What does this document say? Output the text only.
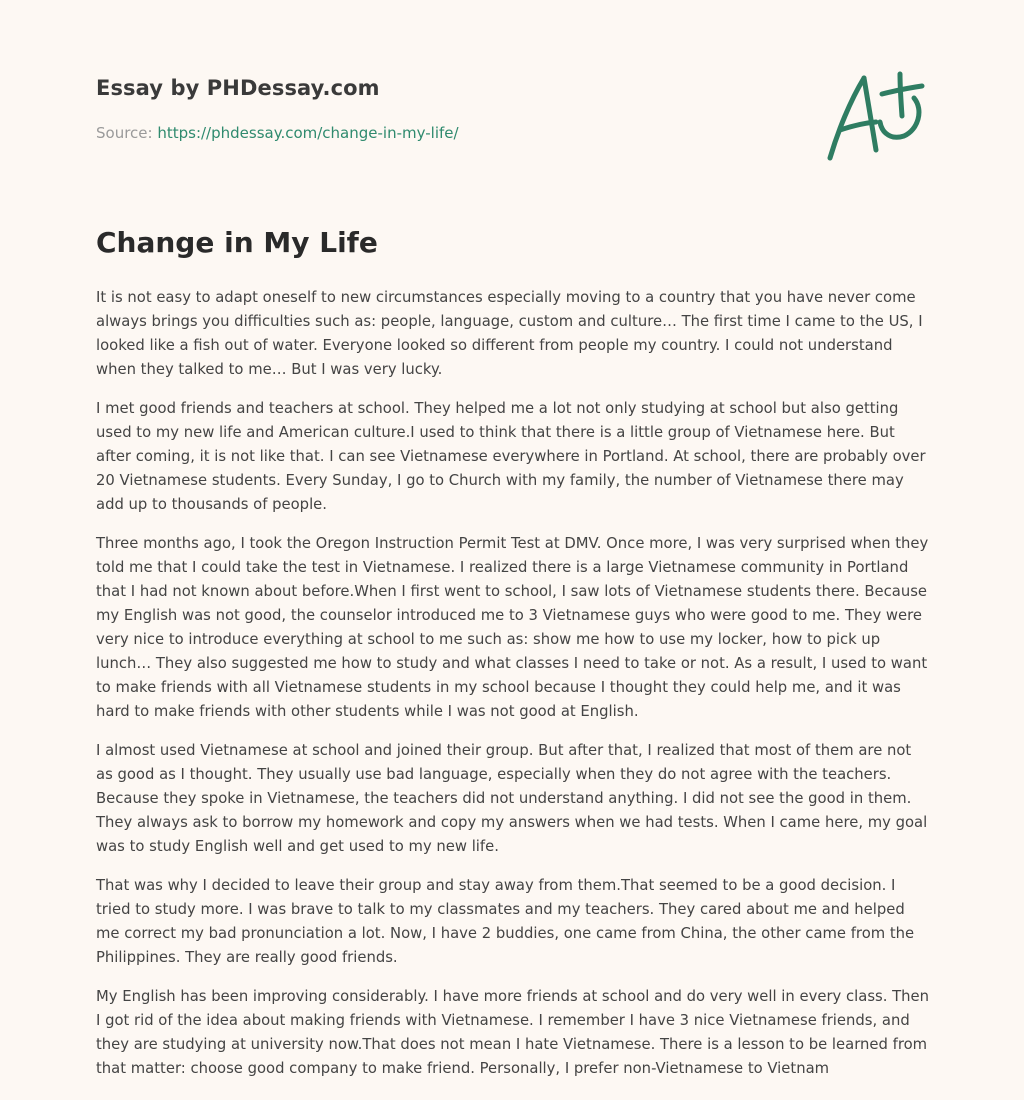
Essay by PHDessay.com

Source: https://phdessay.com/change-in-my-life/

Change in My Life

It is not easy to adapt oneself to new circumstances especially moving to a country that you have never come always brings you difficulties such as: people, language, custom and culture… The first time I came to the US, I looked like a fish out of water. Everyone looked so different from people my country. I could not understand when they talked to me… But I was very lucky.

I met good friends and teachers at school. They helped me a lot not only studying at school but also getting used to my new life and American culture.I used to think that there is a little group of Vietnamese here. But after coming, it is not like that. I can see Vietnamese everywhere in Portland. At school, there are probably over 20 Vietnamese students. Every Sunday, I go to Church with my family, the number of Vietnamese there may add up to thousands of people.

Three months ago, I took the Oregon Instruction Permit Test at DMV. Once more, I was very surprised when they told me that I could take the test in Vietnamese. I realized there is a large Vietnamese community in Portland that I had not known about before.When I first went to school, I saw lots of Vietnamese students there. Because my English was not good, the counselor introduced me to 3 Vietnamese guys who were good to me. They were very nice to introduce everything at school to me such as: show me how to use my locker, how to pick up lunch… They also suggested me how to study and what classes I need to take or not. As a result, I used to want to make friends with all Vietnamese students in my school because I thought they could help me, and it was hard to make friends with other students while I was not good at English.

I almost used Vietnamese at school and joined their group. But after that, I realized that most of them are not as good as I thought. They usually use bad language, especially when they do not agree with the teachers. Because they spoke in Vietnamese, the teachers did not understand anything. I did not see the good in them. They always ask to borrow my homework and copy my answers when we had tests. When I came here, my goal was to study English well and get used to my new life.

That was why I decided to leave their group and stay away from them.That seemed to be a good decision. I tried to study more. I was brave to talk to my classmates and my teachers. They cared about me and helped me correct my bad pronunciation a lot. Now, I have 2 buddies, one came from China, the other came from the Philippines. They are really good friends.

My English has been improving considerably. I have more friends at school and do very well in every class. Then I got rid of the idea about making friends with Vietnamese. I remember I have 3 nice Vietnamese friends, and they are studying at university now.That does not mean I hate Vietnamese. There is a lesson to be learned from that matter: choose good company to make friend. Personally, I prefer non-Vietnamese to Vietnam
